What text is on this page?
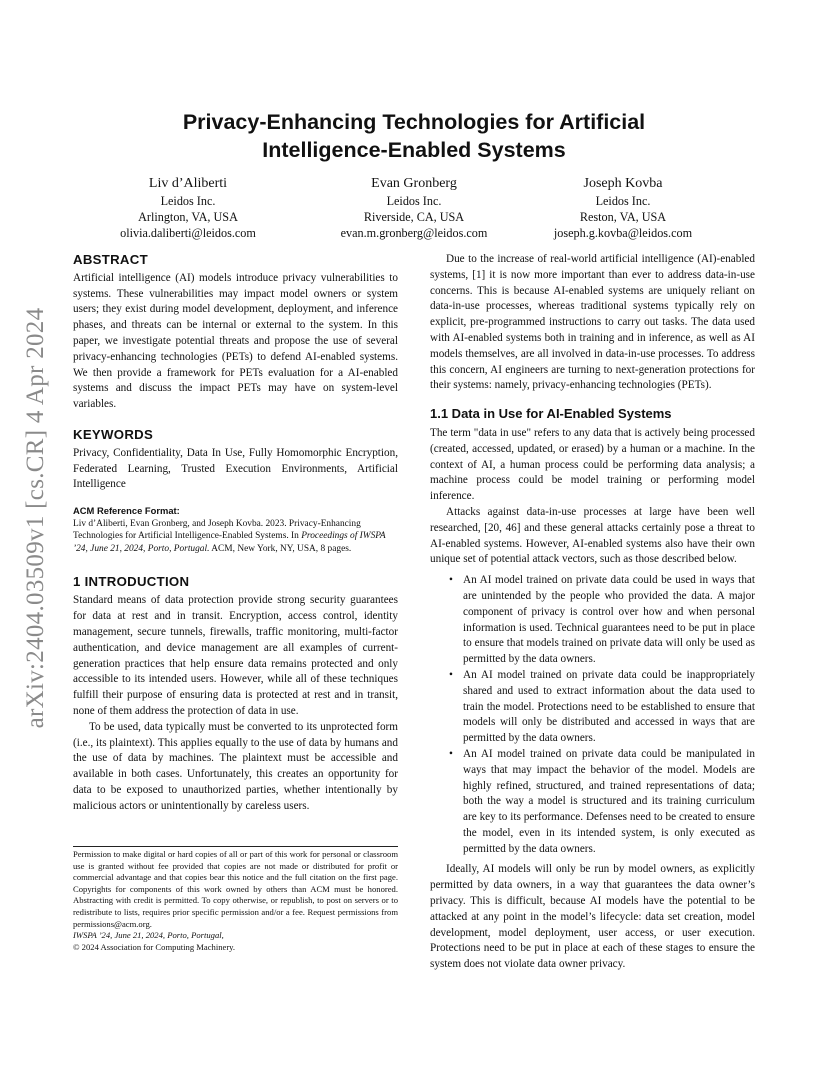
arXiv:2404.03509v1 [cs.CR] 4 Apr 2024
Privacy-Enhancing Technologies for Artificial
Intelligence-Enabled Systems
Liv d’Aliberti
Leidos Inc.
Arlington, VA, USA
olivia.daliberti@leidos.com
Evan Gronberg
Leidos Inc.
Riverside, CA, USA
evan.m.gronberg@leidos.com
Joseph Kovba
Leidos Inc.
Reston, VA, USA
joseph.g.kovba@leidos.com
ABSTRACT

Artificial intelligence (AI) models introduce privacy vulnerabilities to systems. These vulnerabilities may impact model owners or system users; they exist during model development, deployment, and inference phases, and threats can be internal or external to the system. In this paper, we investigate potential threats and propose the use of several privacy-enhancing technologies (PETs) to defend AI-enabled systems. We then provide a framework for PETs evaluation for a AI-enabled systems and discuss the impact PETs may have on system-level variables.

KEYWORDS

Privacy, Confidentiality, Data In Use, Fully Homomorphic Encryption, Federated Learning, Trusted Execution Environments, Artificial Intelligence

ACM Reference Format:
Liv d’Aliberti, Evan Gronberg, and Joseph Kovba. 2023. Privacy-Enhancing Technologies for Artificial Intelligence-Enabled Systems. In Proceedings of IWSPA ’24, June 21, 2024, Porto, Portugal. ACM, New York, NY, USA, 8 pages.
1 INTRODUCTION

Standard means of data protection provide strong security guarantees for data at rest and in transit. Encryption, access control, identity management, secure tunnels, firewalls, traffic monitoring, multi-factor authentication, and device management are all examples of current-generation practices that help ensure data remains protected and only accessible to its intended users. However, while all of these techniques fulfill their purpose of ensuring data is protected at rest and in transit, none of them address the protection of data in use.

To be used, data typically must be converted to its unprotected form (i.e., its plaintext). This applies equally to the use of data by humans and the use of data by machines. The plaintext must be accessible and available in both cases. Unfortunately, this creates an opportunity for data to be exposed to unauthorized parties, whether intentionally by malicious actors or unintentionally by careless users.

Permission to make digital or hard copies of all or part of this work for personal or classroom use is granted without fee provided that copies are not made or distributed for profit or commercial advantage and that copies bear this notice and the full citation on the first page. Copyrights for components of this work owned by others than ACM must be honored. Abstracting with credit is permitted. To copy otherwise, or republish, to post on servers or to redistribute to lists, requires prior specific permission and/or a fee. Request permissions from permissions@acm.org.

IWSPA ’24, June 21, 2024, Porto, Portugal,

© 2024 Association for Computing Machinery.

Due to the increase of real-world artificial intelligence (AI)-enabled systems, [1] it is now more important than ever to address data-in-use concerns. This is because AI-enabled systems are uniquely reliant on data-in-use processes, whereas traditional systems typically rely on explicit, pre-programmed instructions to carry out tasks. The data used with AI-enabled systems both in training and in inference, as well as AI models themselves, are all involved in data-in-use processes. To address this concern, AI engineers are turning to next-generation protections for their systems: namely, privacy-enhancing technologies (PETs).

1.1 Data in Use for AI-Enabled Systems

The term "data in use" refers to any data that is actively being processed (created, accessed, updated, or erased) by a human or a machine. In the context of AI, a human process could be performing data analysis; a machine process could be model training or performing model inference.

Attacks against data-in-use processes at large have been well researched, [20, 46] and these general attacks certainly pose a threat to AI-enabled systems. However, AI-enabled systems also have their own unique set of potential attack vectors, such as those described below.

• An AI model trained on private data could be used in ways that are unintended by the people who provided the data. A major component of privacy is control over how and when personal information is used. Technical guarantees need to be put in place to ensure that models trained on private data will only be used as permitted by the data owners.
• An AI model trained on private data could be inappropriately shared and used to extract information about the data used to train the model. Protections need to be established to ensure that models will only be distributed and accessed in ways that are permitted by the data owners.
• An AI model trained on private data could be manipulated in ways that may impact the behavior of the model. Models are highly refined, structured, and trained representations of data; both the way a model is structured and its training curriculum are key to its performance. Defenses need to be created to ensure the model, even in its intended system, is only executed as permitted by the data owners.

Ideally, AI models will only be run by model owners, as explicitly permitted by data owners, in a way that guarantees the data owner’s privacy. This is difficult, because AI models have the potential to be attacked at any point in the model’s lifecycle: data set creation, model development, model deployment, user access, or user execution. Protections need to be put in place at each of these stages to ensure the system does not violate data owner privacy.
